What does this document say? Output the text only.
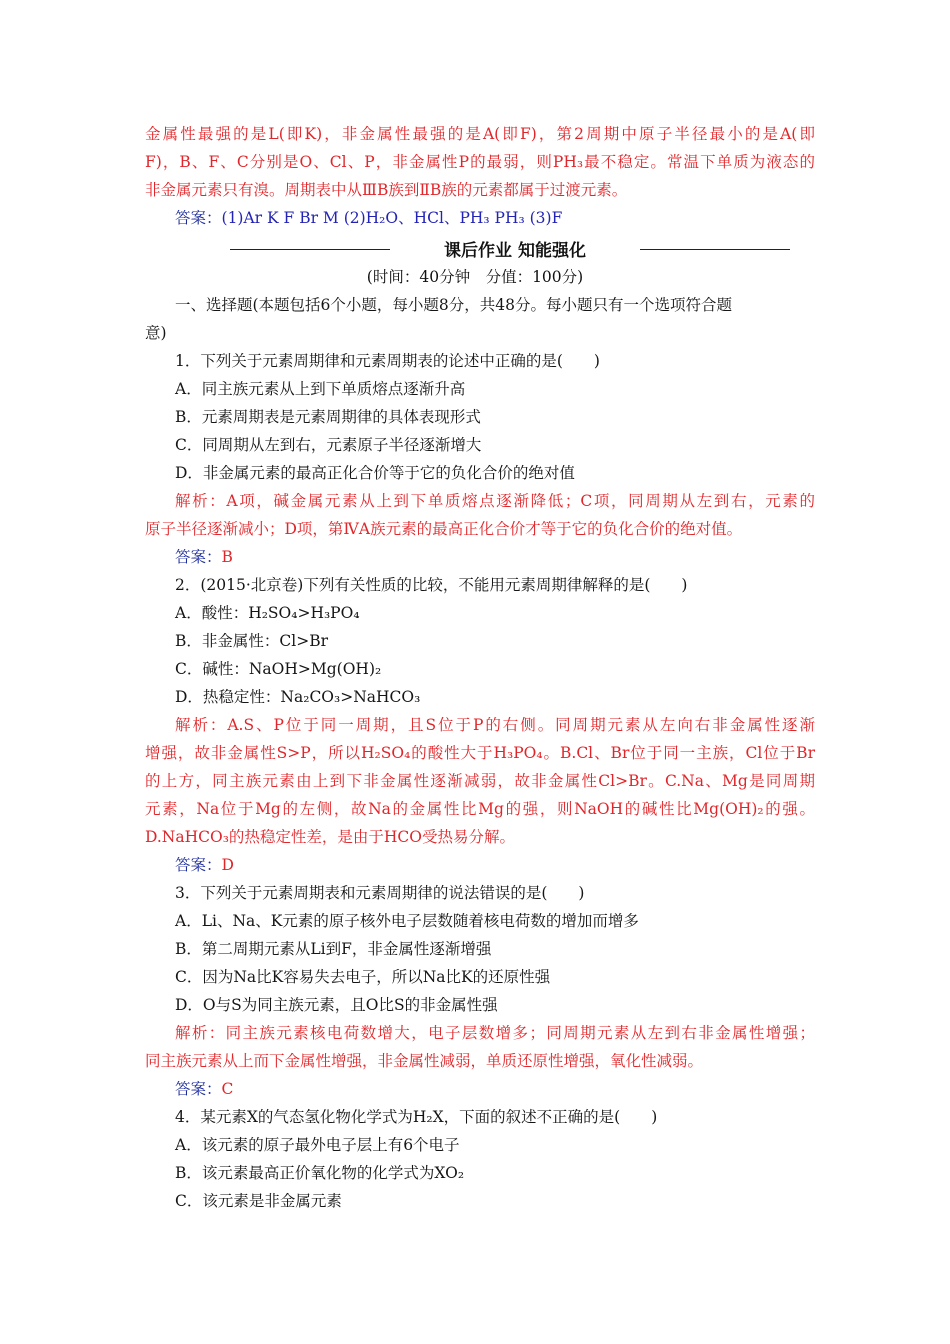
金属性最强的是L(即K)，非金属性最强的是A(即F)，第2周期中原子半径最小的是A(即
F)，B、F、C分别是O、Cl、P，非金属性P的最弱，则PH₃最不稳定。常温下单质为液态的
非金属元素只有溴。周期表中从ⅢB族到ⅡB族的元素都属于过渡元素。
答案：(1)Ar K F Br M (2)H₂O、HCl、PH₃ PH₃ (3)F
课后作业 知能强化
(时间：40分钟　分值：100分)
一、选择题(本题包括6个小题，每小题8分，共48分。每小题只有一个选项符合题
意)
1．下列关于元素周期律和元素周期表的论述中正确的是(　　)
A．同主族元素从上到下单质熔点逐渐升高
B．元素周期表是元素周期律的具体表现形式
C．同周期从左到右，元素原子半径逐渐增大
D．非金属元素的最高正化合价等于它的负化合价的绝对值
解析：A项，碱金属元素从上到下单质熔点逐渐降低；C项，同周期从左到右，元素的
原子半径逐渐减小；D项，第ⅣA族元素的最高正化合价才等于它的负化合价的绝对值。
答案：B
2．(2015·北京卷)下列有关性质的比较，不能用元素周期律解释的是(　　)
A．酸性：H₂SO₄>H₃PO₄
B．非金属性：Cl>Br
C．碱性：NaOH>Mg(OH)₂
D．热稳定性：Na₂CO₃>NaHCO₃
解析：A.S、P位于同一周期，且S位于P的右侧。同周期元素从左向右非金属性逐渐
增强，故非金属性S>P，所以H₂SO₄的酸性大于H₃PO₄。B.Cl、Br位于同一主族，Cl位于Br
的上方，同主族元素由上到下非金属性逐渐减弱，故非金属性Cl>Br。C.Na、Mg是同周期
元素，Na位于Mg的左侧，故Na的金属性比Mg的强，则NaOH的碱性比Mg(OH)₂的强。
D.NaHCO₃的热稳定性差，是由于HCO受热易分解。
答案：D
3．下列关于元素周期表和元素周期律的说法错误的是(　　)
A．Li、Na、K元素的原子核外电子层数随着核电荷数的增加而增多
B．第二周期元素从Li到F，非金属性逐渐增强
C．因为Na比K容易失去电子，所以Na比K的还原性强
D．O与S为同主族元素，且O比S的非金属性强
解析：同主族元素核电荷数增大，电子层数增多；同周期元素从左到右非金属性增强；
同主族元素从上而下金属性增强，非金属性减弱，单质还原性增强，氧化性减弱。
答案：C
4．某元素X的气态氢化物化学式为H₂X，下面的叙述不正确的是(　　)
A．该元素的原子最外电子层上有6个电子
B．该元素最高正价氧化物的化学式为XO₂
C．该元素是非金属元素
